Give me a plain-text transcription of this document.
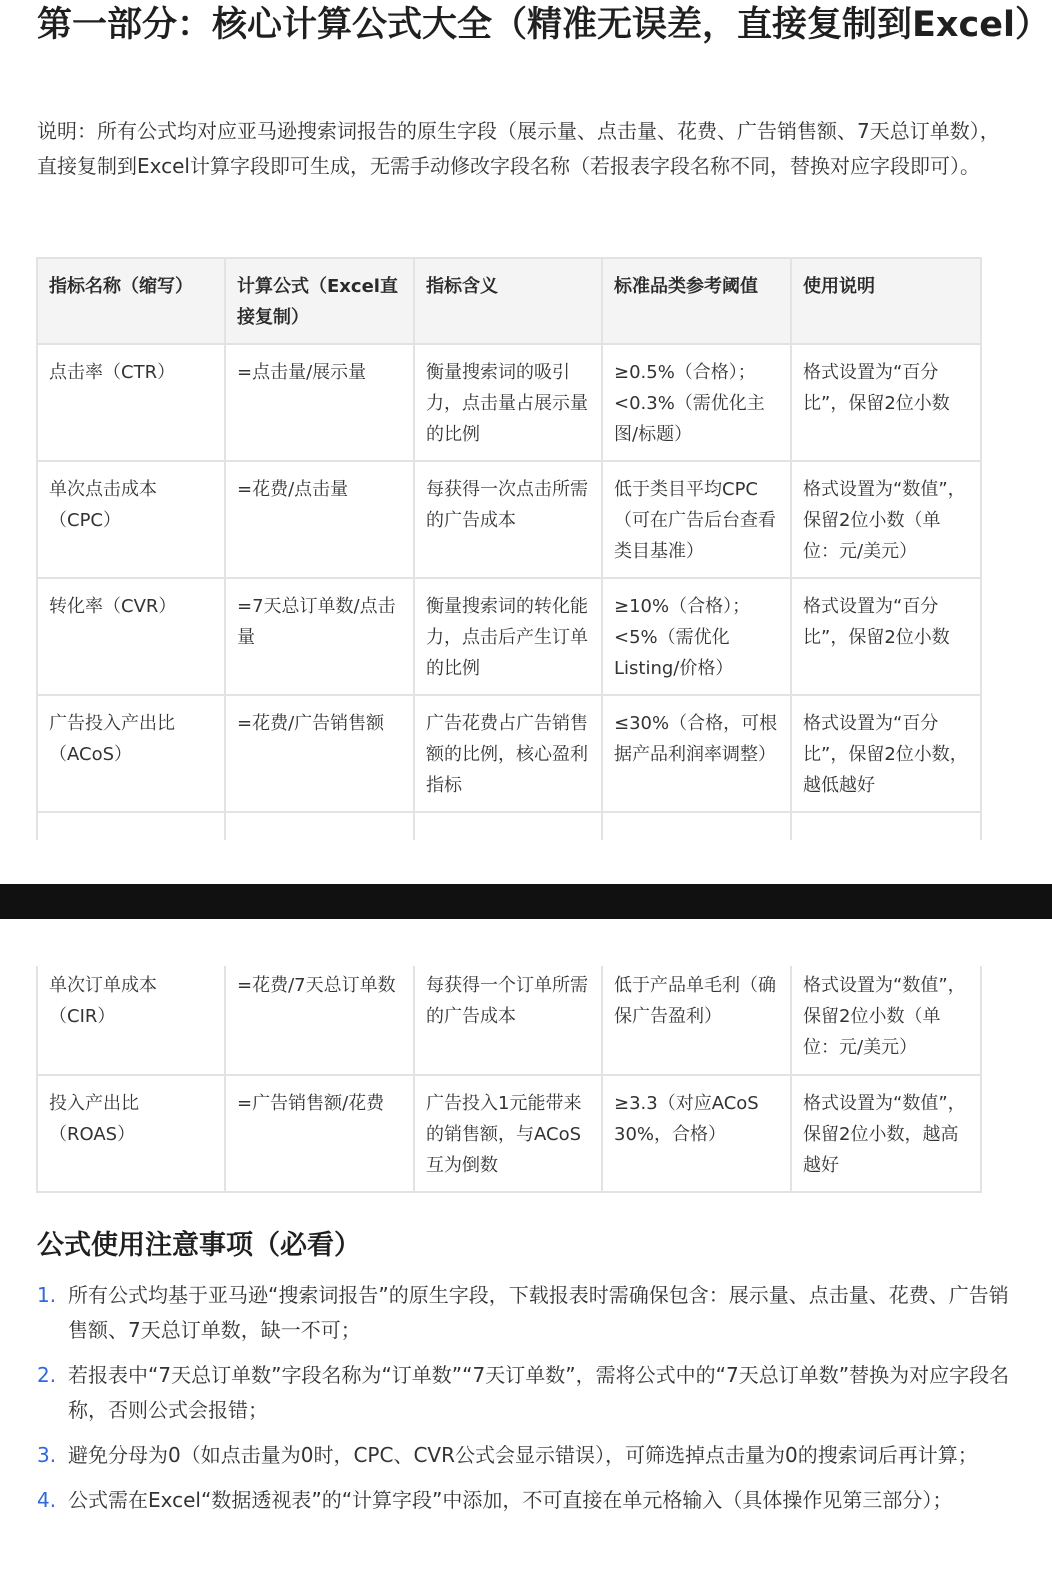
第一部分：核心计算公式大全（精准无误差，直接复制到Excel）

说明：所有公式均对应亚马逊搜索词报告的原生字段（展示量、点击量、花费、广告销售额、7天总订单数），直接复制到Excel计算字段即可生成，无需手动修改字段名称（若报表字段名称不同，替换对应字段即可）。

指标名称（缩写）	计算公式（Excel直接复制）	指标含义	标准品类参考阈值	使用说明
点击率（CTR）	=点击量/展示量	衡量搜索词的吸引力，点击量占展示量的比例	≥0.5%（合格）；<0.3%（需优化主图/标题）	格式设置为“百分比”，保留2位小数
单次点击成本（CPC）	=花费/点击量	每获得一次点击所需的广告成本	低于类目平均CPC（可在广告后台查看类目基准）	格式设置为“数值”，保留2位小数（单位：元/美元）
转化率（CVR）	=7天总订单数/点击量	衡量搜索词的转化能力，点击后产生订单的比例	≥10%（合格）；<5%（需优化Listing/价格）	格式设置为“百分比”，保留2位小数
广告投入产出比（ACoS）	=花费/广告销售额	广告花费占广告销售额的比例，核心盈利指标	≤30%（合格，可根据产品利润率调整）	格式设置为“百分比”，保留2位小数，越低越好

单次订单成本（CIR）	=花费/7天总订单数	每获得一个订单所需的广告成本	低于产品单毛利（确保广告盈利）	格式设置为“数值”，保留2位小数（单位：元/美元）
投入产出比（ROAS）	=广告销售额/花费	广告投入1元能带来的销售额，与ACoS互为倒数	≥3.3（对应ACoS 30%，合格）	格式设置为“数值”，保留2位小数，越高越好
公式使用注意事项（必看）
1. 所有公式均基于亚马逊“搜索词报告”的原生字段，下载报表时需确保包含：展示量、点击量、花费、广告销售额、7天总订单数，缺一不可；
2. 若报表中“7天总订单数”字段名称为“订单数”“7天订单数”，需将公式中的“7天总订单数”替换为对应字段名称，否则公式会报错；
3. 避免分母为0（如点击量为0时，CPC、CVR公式会显示错误），可筛选掉点击量为0的搜索词后再计算；
4. 公式需在Excel“数据透视表”的“计算字段”中添加，不可直接在单元格输入（具体操作见第三部分）；
